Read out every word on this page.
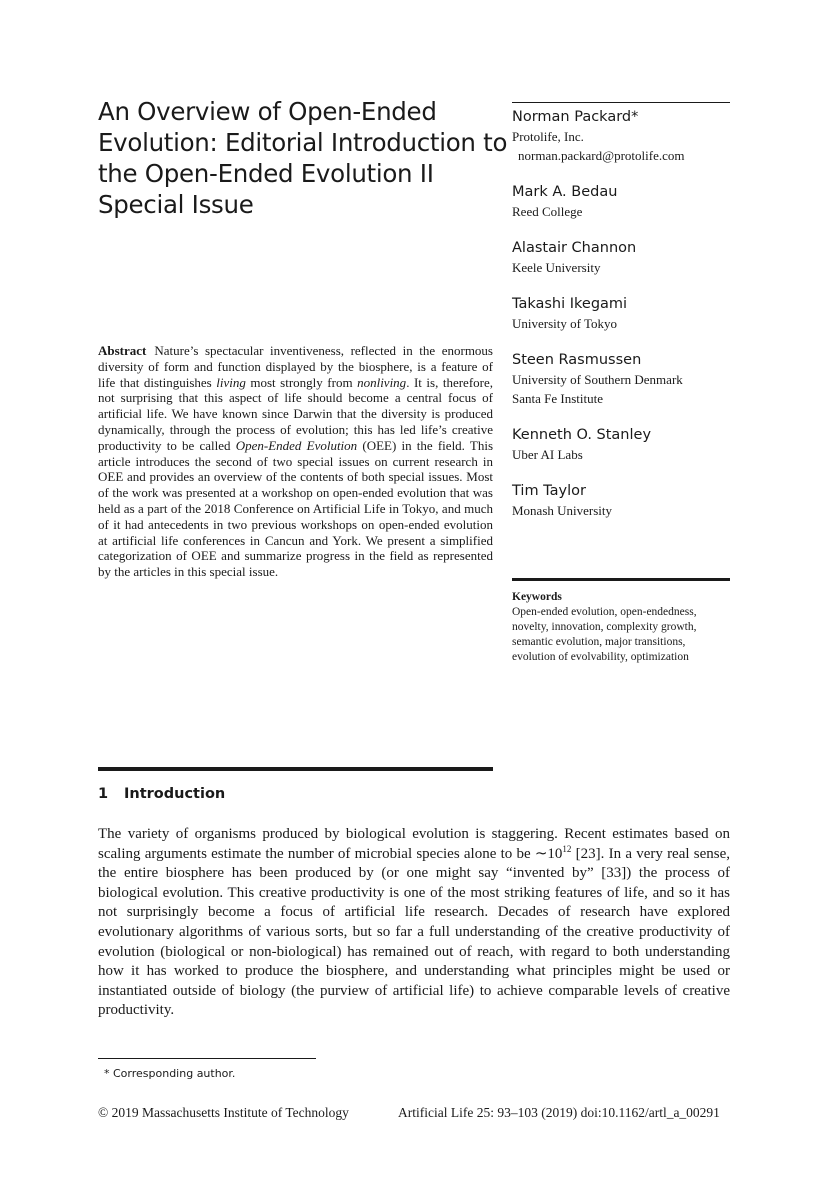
An Overview of Open-Ended Evolution: Editorial Introduction to the Open-Ended Evolution II Special Issue
Norman Packard*
Protolife, Inc.
norman.packard@protolife.com
Mark A. Bedau
Reed College
Alastair Channon
Keele University
Takashi Ikegami
University of Tokyo
Steen Rasmussen
University of Southern Denmark
Santa Fe Institute
Kenneth O. Stanley
Uber AI Labs
Tim Taylor
Monash University
Abstract Nature’s spectacular inventiveness, reflected in the enormous diversity of form and function displayed by the biosphere, is a feature of life that distinguishes living most strongly from nonliving. It is, therefore, not surprising that this aspect of life should become a central focus of artificial life. We have known since Darwin that the diversity is produced dynamically, through the process of evolution; this has led life’s creative productivity to be called Open-Ended Evolution (OEE) in the field. This article introduces the second of two special issues on current research in OEE and provides an overview of the contents of both special issues. Most of the work was presented at a workshop on open-ended evolution that was held as a part of the 2018 Conference on Artificial Life in Tokyo, and much of it had antecedents in two previous workshops on open-ended evolution at artificial life conferences in Cancun and York. We present a simplified categorization of OEE and summarize progress in the field as represented by the articles in this special issue.
Keywords
Open-ended evolution, open-endedness, novelty, innovation, complexity growth, semantic evolution, major transitions, evolution of evolvability, optimization
1 Introduction

The variety of organisms produced by biological evolution is staggering. Recent estimates based on scaling arguments estimate the number of microbial species alone to be $\sim 10^{12}$ [23]. In a very real sense, the entire biosphere has been produced by (or one might say “invented by” [33]) the process of biological evolution. This creative productivity is one of the most striking features of life, and so it has not surprisingly become a focus of artificial life research. Decades of research have explored evolutionary algorithms of various sorts, but so far a full understanding of the creative productivity of evolution (biological or non-biological) has remained out of reach, with regard to both understanding how it has worked to produce the biosphere, and understanding what principles might be used or instantiated outside of biology (the purview of artificial life) to achieve comparable levels of creative productivity.

* Corresponding author.
© 2019 Massachusetts Institute of Technology	Artificial Life 25: 93–103 (2019) doi:10.1162/artl_a_00291
